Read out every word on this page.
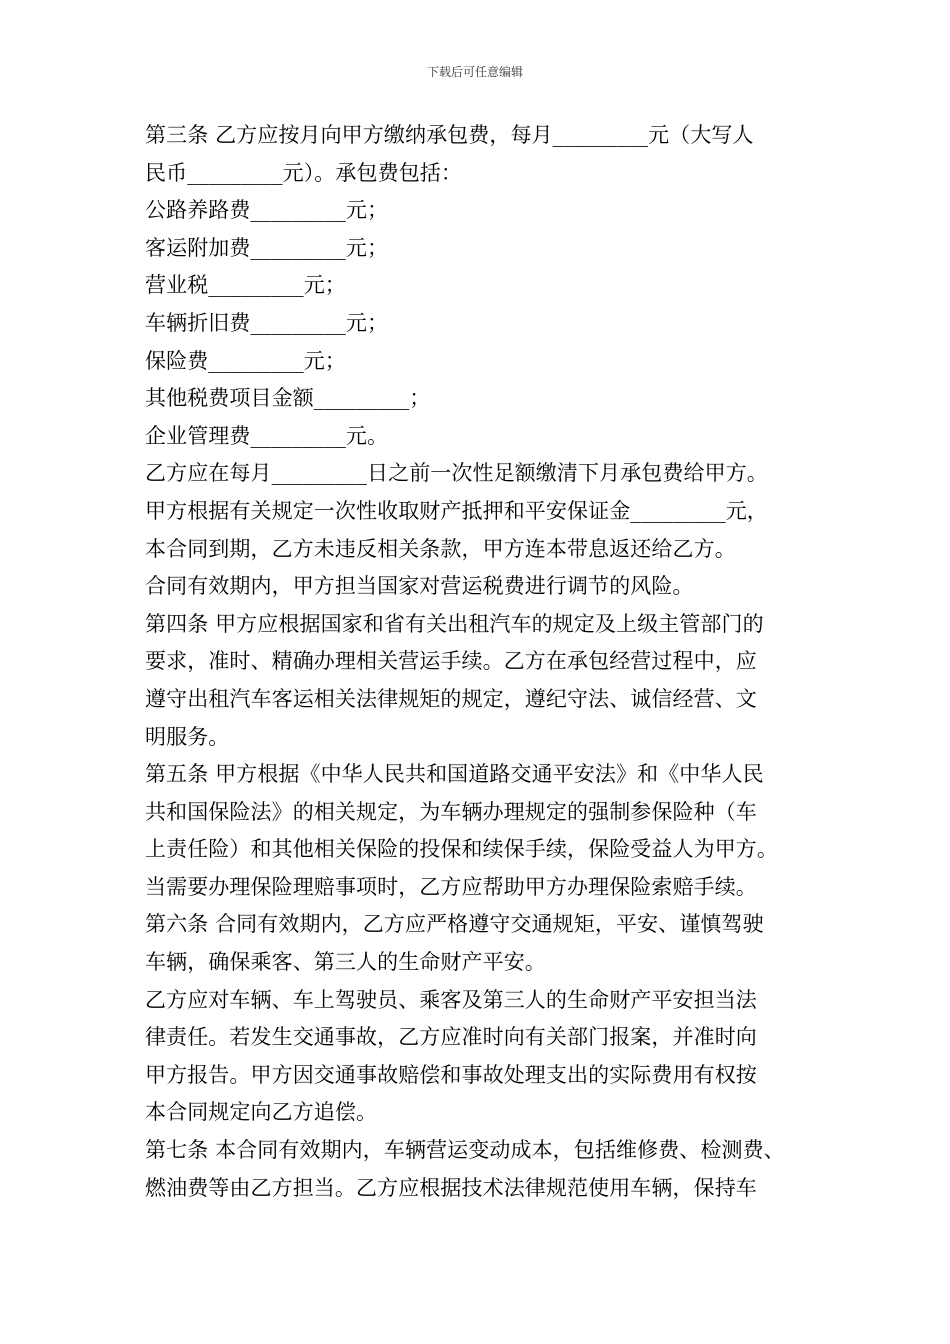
下载后可任意编辑
第三条 乙方应按月向甲方缴纳承包费，每月_________元（大写人
民币_________元）。承包费包括：
公路养路费_________元；
客运附加费_________元；
营业税_________元；
车辆折旧费_________元；
保险费_________元；
其他税费项目金额_________；
企业管理费_________元。
乙方应在每月_________日之前一次性足额缴清下月承包费给甲方。
甲方根据有关规定一次性收取财产抵押和平安保证金_________元，
本合同到期，乙方未违反相关条款，甲方连本带息返还给乙方。
合同有效期内，甲方担当国家对营运税费进行调节的风险。
第四条 甲方应根据国家和省有关出租汽车的规定及上级主管部门的
要求，准时、精确办理相关营运手续。乙方在承包经营过程中，应
遵守出租汽车客运相关法律规矩的规定，遵纪守法、诚信经营、文
明服务。
第五条 甲方根据《中华人民共和国道路交通平安法》和《中华人民
共和国保险法》的相关规定，为车辆办理规定的强制参保险种（车
上责任险）和其他相关保险的投保和续保手续，保险受益人为甲方。
当需要办理保险理赔事项时，乙方应帮助甲方办理保险索赔手续。
第六条 合同有效期内，乙方应严格遵守交通规矩，平安、谨慎驾驶
车辆，确保乘客、第三人的生命财产平安。
乙方应对车辆、车上驾驶员、乘客及第三人的生命财产平安担当法
律责任。若发生交通事故，乙方应准时向有关部门报案，并准时向
甲方报告。甲方因交通事故赔偿和事故处理支出的实际费用有权按
本合同规定向乙方追偿。
第七条 本合同有效期内，车辆营运变动成本，包括维修费、检测费、
燃油费等由乙方担当。乙方应根据技术法律规范使用车辆，保持车
